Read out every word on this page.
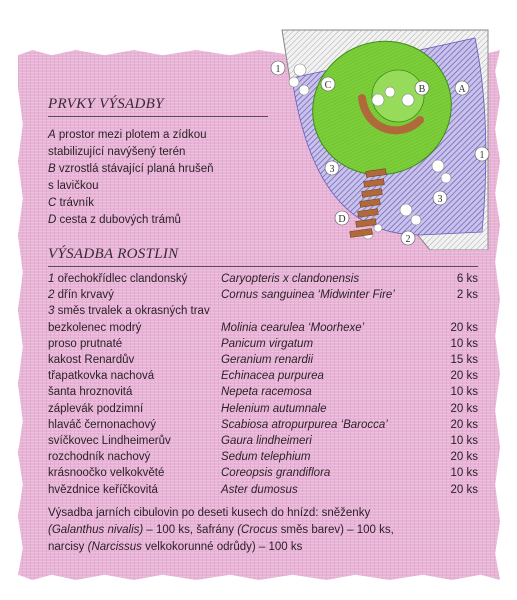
C	B	A
1
1
3
3
D
2
PRVKY VÝSADBY
A prostor mezi plotem a zídkou
stabilizující navýšený terén
B vzrostlá stávající planá hrušeň
s lavičkou
C trávník
D cesta z dubových trámů
VÝSADBA ROSTLIN
1 ořechokřídlec clandonský	Caryopteris x clandonensis	6 ks
2 dřín krvavý	Cornus sanguinea ‘Midwinter Fire’	2 ks
3 směs trvalek a okrasných trav
bezkolenec modrý	Molinia cearulea ‘Moorhexe’	20 ks
proso prutnaté	Panicum virgatum	10 ks
kakost Renardův	Geranium renardii	15 ks
třapatkovka nachová	Echinacea purpurea	20 ks
šanta hroznovitá	Nepeta racemosa	10 ks
záplevák podzimní	Helenium autumnale	20 ks
hlaváč černonachový	Scabiosa atropurpurea ‘Barocca’	20 ks
svíčkovec Lindheimerův	Gaura lindheimeri	10 ks
rozchodník nachový	Sedum telephium	20 ks
krásnoočko velkokvěté	Coreopsis grandiflora	10 ks
hvězdnice keříčkovitá	Aster dumosus	20 ks
Výsadba jarních cibulovin po deseti kusech do hnízd: sněženky
(Galanthus nivalis) – 100 ks, šafrány (Crocus směs barev) – 100 ks,
narcisy (Narcissus velkokorunné odrůdy) – 100 ks
